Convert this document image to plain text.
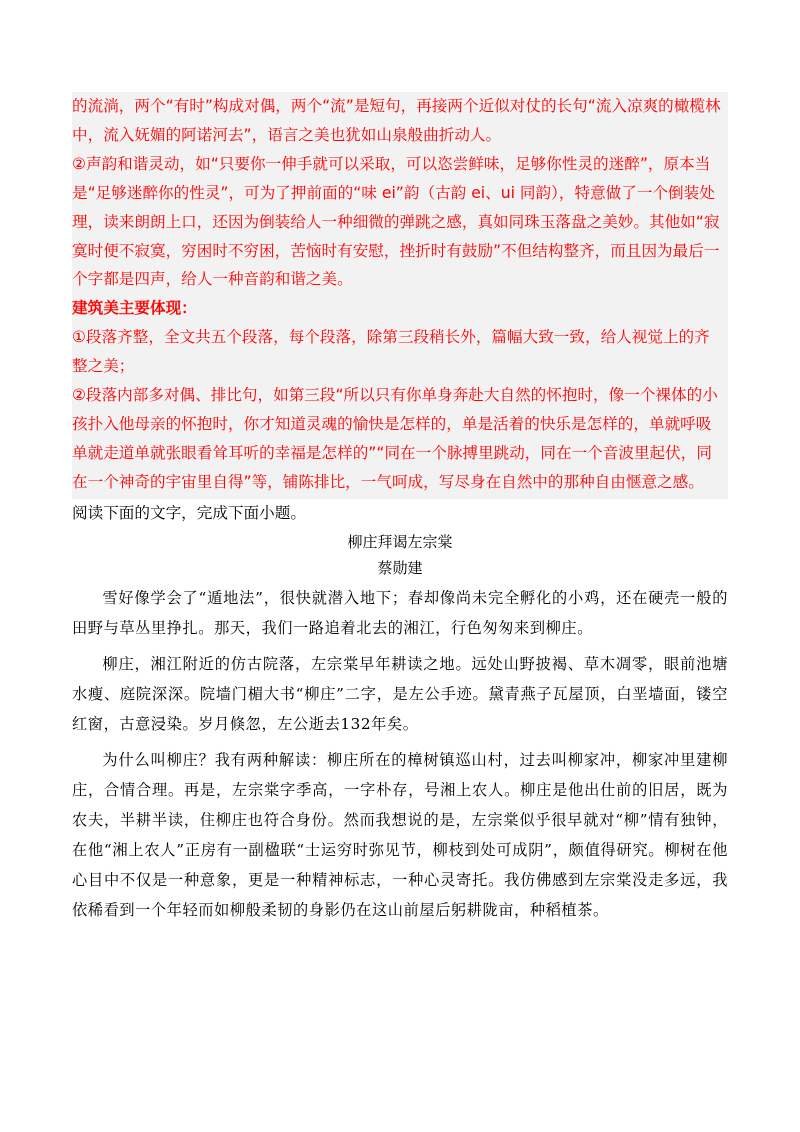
的流淌，两个“有时”构成对偶，两个“流”是短句，再接两个近似对仗的长句“流入凉爽的橄榄林中，流入妩媚的阿诺河去”，语言之美也犹如山泉般曲折动人。

②声韵和谐灵动，如“只要你一伸手就可以采取，可以恣尝鲜味，足够你性灵的迷醉”，原本当是“足够迷醉你的性灵”，可为了押前面的“味 ei”韵（古韵 ei、ui 同韵），特意做了一个倒装处理，读来朗朗上口，还因为倒装给人一种细微的弹跳之感，真如同珠玉落盘之美妙。其他如“寂寞时便不寂寞，穷困时不穷困，苦恼时有安慰，挫折时有鼓励”不但结构整齐，而且因为最后一个字都是四声，给人一种音韵和谐之美。

建筑美主要体现：

①段落齐整，全文共五个段落，每个段落，除第三段稍长外，篇幅大致一致，给人视觉上的齐整之美；

②段落内部多对偶、排比句，如第三段“所以只有你单身奔赴大自然的怀抱时，像一个裸体的小孩扑入他母亲的怀抱时，你才知道灵魂的愉快是怎样的，单是活着的快乐是怎样的，单就呼吸单就走道单就张眼看耸耳听的幸福是怎样的”“同在一个脉搏里跳动，同在一个音波里起伏，同在一个神奇的宇宙里自得”等，铺陈排比，一气呵成，写尽身在自然中的那种自由惬意之感。

阅读下面的文字，完成下面小题。

柳庄拜谒左宗棠

蔡勋建

雪好像学会了“遁地法”，很快就潜入地下；春却像尚未完全孵化的小鸡，还在硬壳一般的田野与草丛里挣扎。那天，我们一路追着北去的湘江，行色匆匆来到柳庄。

柳庄，湘江附近的仿古院落，左宗棠早年耕读之地。远处山野披褐、草木凋零，眼前池塘水瘦、庭院深深。院墙门楣大书“柳庄”二字，是左公手迹。黛青燕子瓦屋顶，白垩墙面，镂空红窗，古意浸染。岁月倏忽，左公逝去132年矣。

为什么叫柳庄？我有两种解读：柳庄所在的樟树镇巡山村，过去叫柳家冲，柳家冲里建柳庄，合情合理。再是，左宗棠字季高，一字朴存，号湘上农人。柳庄是他出仕前的旧居，既为农夫，半耕半读，住柳庄也符合身份。然而我想说的是，左宗棠似乎很早就对“柳”情有独钟，在他“湘上农人”正房有一副楹联“士运穷时弥见节，柳枝到处可成阴”，颇值得研究。柳树在他心目中不仅是一种意象，更是一种精神标志，一种心灵寄托。我仿佛感到左宗棠没走多远，我依稀看到一个年轻而如柳般柔韧的身影仍在这山前屋后躬耕陇亩，种稻植茶。
